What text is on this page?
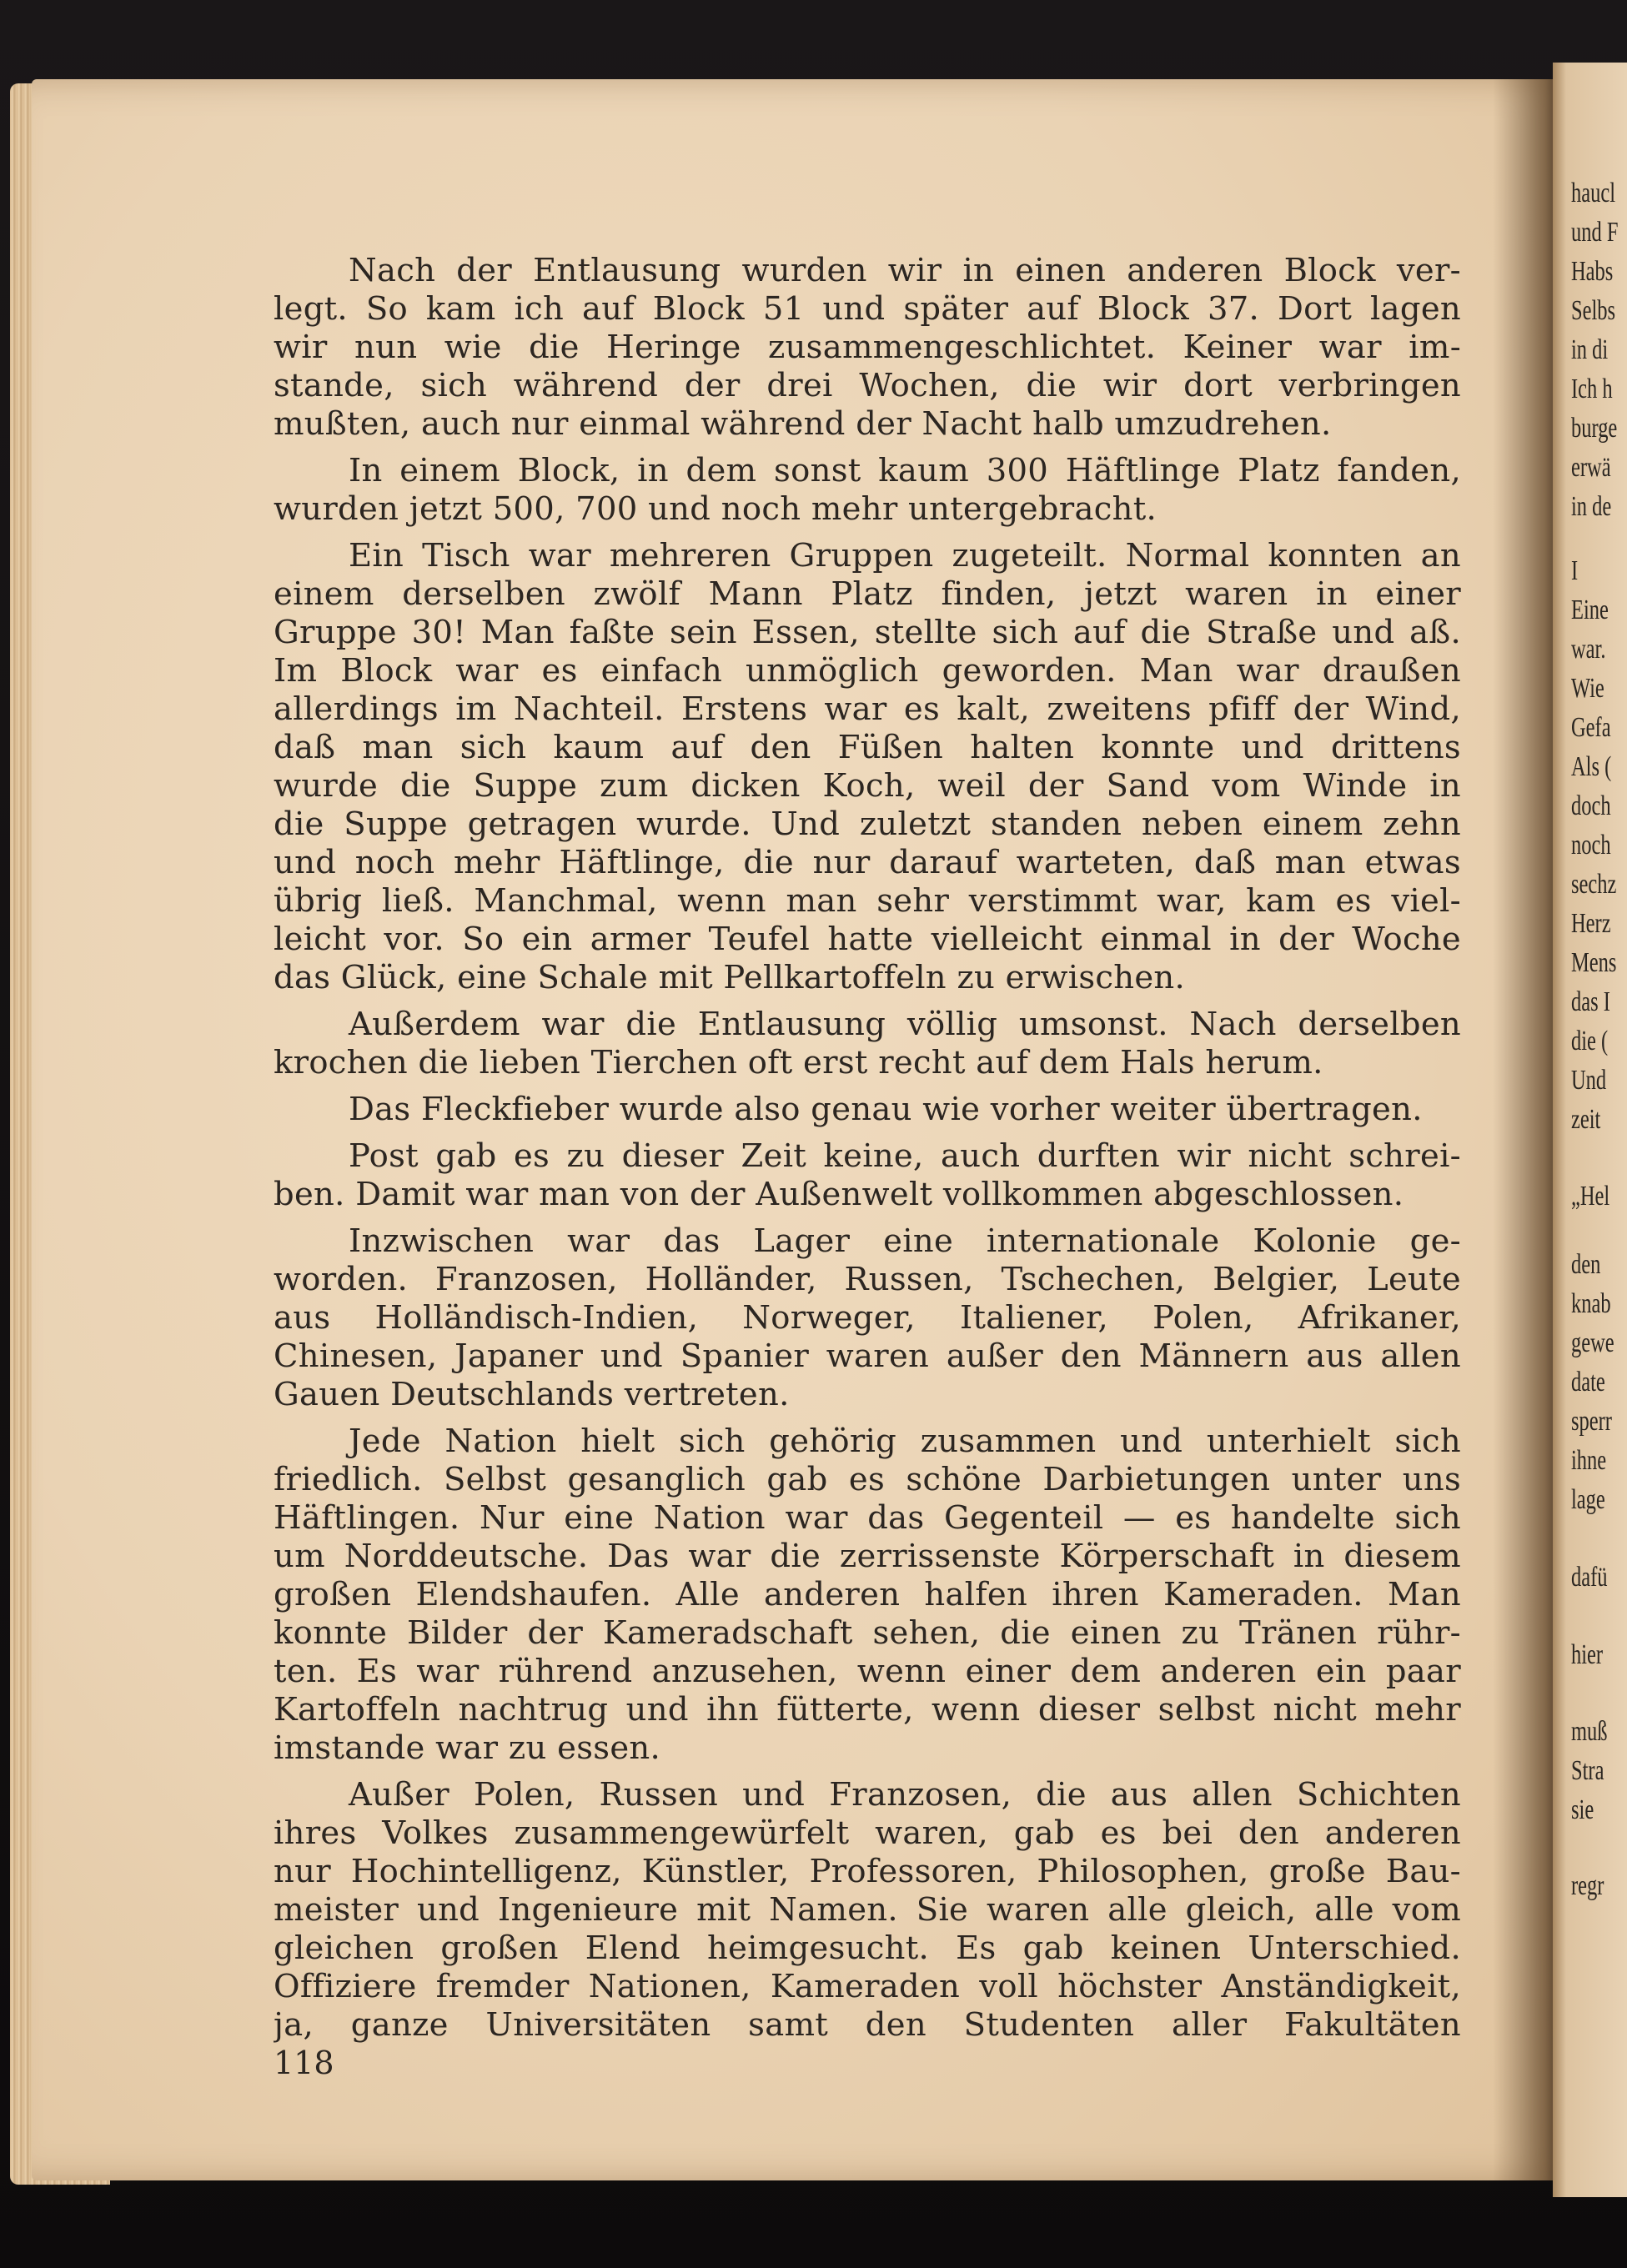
haucl
und F
Habs
Selbs
in di
Ich h
burge
erwä
in de
I
Eine
war.
Wie
Gefa
Als (
doch
noch
sechz
Herz
Mens
das I
die (
Und
zeit
„Hel
den
knab
gewe
date
sperr
ihne
lage
dafü
hier
muß
Stra
sie
regr
Nach der Entlausung wurden wir in einen anderen Block ver-
legt. So kam ich auf Block 51 und später auf Block 37. Dort lagen
wir nun wie die Heringe zusammengeschlichtet. Keiner war im-
stande, sich während der drei Wochen, die wir dort verbringen
mußten, auch nur einmal während der Nacht halb umzudrehen.
In einem Block, in dem sonst kaum 300 Häftlinge Platz fanden,
wurden jetzt 500, 700 und noch mehr untergebracht.
Ein Tisch war mehreren Gruppen zugeteilt. Normal konnten an
einem derselben zwölf Mann Platz finden, jetzt waren in einer
Gruppe 30! Man faßte sein Essen, stellte sich auf die Straße und aß.
Im Block war es einfach unmöglich geworden. Man war draußen
allerdings im Nachteil. Erstens war es kalt, zweitens pfiff der Wind,
daß man sich kaum auf den Füßen halten konnte und drittens
wurde die Suppe zum dicken Koch, weil der Sand vom Winde in
die Suppe getragen wurde. Und zuletzt standen neben einem zehn
und noch mehr Häftlinge, die nur darauf warteten, daß man etwas
übrig ließ. Manchmal, wenn man sehr verstimmt war, kam es viel-
leicht vor. So ein armer Teufel hatte vielleicht einmal in der Woche
das Glück, eine Schale mit Pellkartoffeln zu erwischen.
Außerdem war die Entlausung völlig umsonst. Nach derselben
krochen die lieben Tierchen oft erst recht auf dem Hals herum.
Das Fleckfieber wurde also genau wie vorher weiter übertragen.
Post gab es zu dieser Zeit keine, auch durften wir nicht schrei-
ben. Damit war man von der Außenwelt vollkommen abgeschlossen.
Inzwischen war das Lager eine internationale Kolonie ge-
worden. Franzosen, Holländer, Russen, Tschechen, Belgier, Leute
aus Holländisch-Indien, Norweger, Italiener, Polen, Afrikaner,
Chinesen, Japaner und Spanier waren außer den Männern aus allen
Gauen Deutschlands vertreten.
Jede Nation hielt sich gehörig zusammen und unterhielt sich
friedlich. Selbst gesanglich gab es schöne Darbietungen unter uns
Häftlingen. Nur eine Nation war das Gegenteil — es handelte sich
um Norddeutsche. Das war die zerrissenste Körperschaft in diesem
großen Elendshaufen. Alle anderen halfen ihren Kameraden. Man
konnte Bilder der Kameradschaft sehen, die einen zu Tränen rühr-
ten. Es war rührend anzusehen, wenn einer dem anderen ein paar
Kartoffeln nachtrug und ihn fütterte, wenn dieser selbst nicht mehr
imstande war zu essen.
Außer Polen, Russen und Franzosen, die aus allen Schichten
ihres Volkes zusammengewürfelt waren, gab es bei den anderen
nur Hochintelligenz, Künstler, Professoren, Philosophen, große Bau-
meister und Ingenieure mit Namen. Sie waren alle gleich, alle vom
gleichen großen Elend heimgesucht. Es gab keinen Unterschied.
Offiziere fremder Nationen, Kameraden voll höchster Anständigkeit,
ja, ganze Universitäten samt den Studenten aller Fakultäten
118
